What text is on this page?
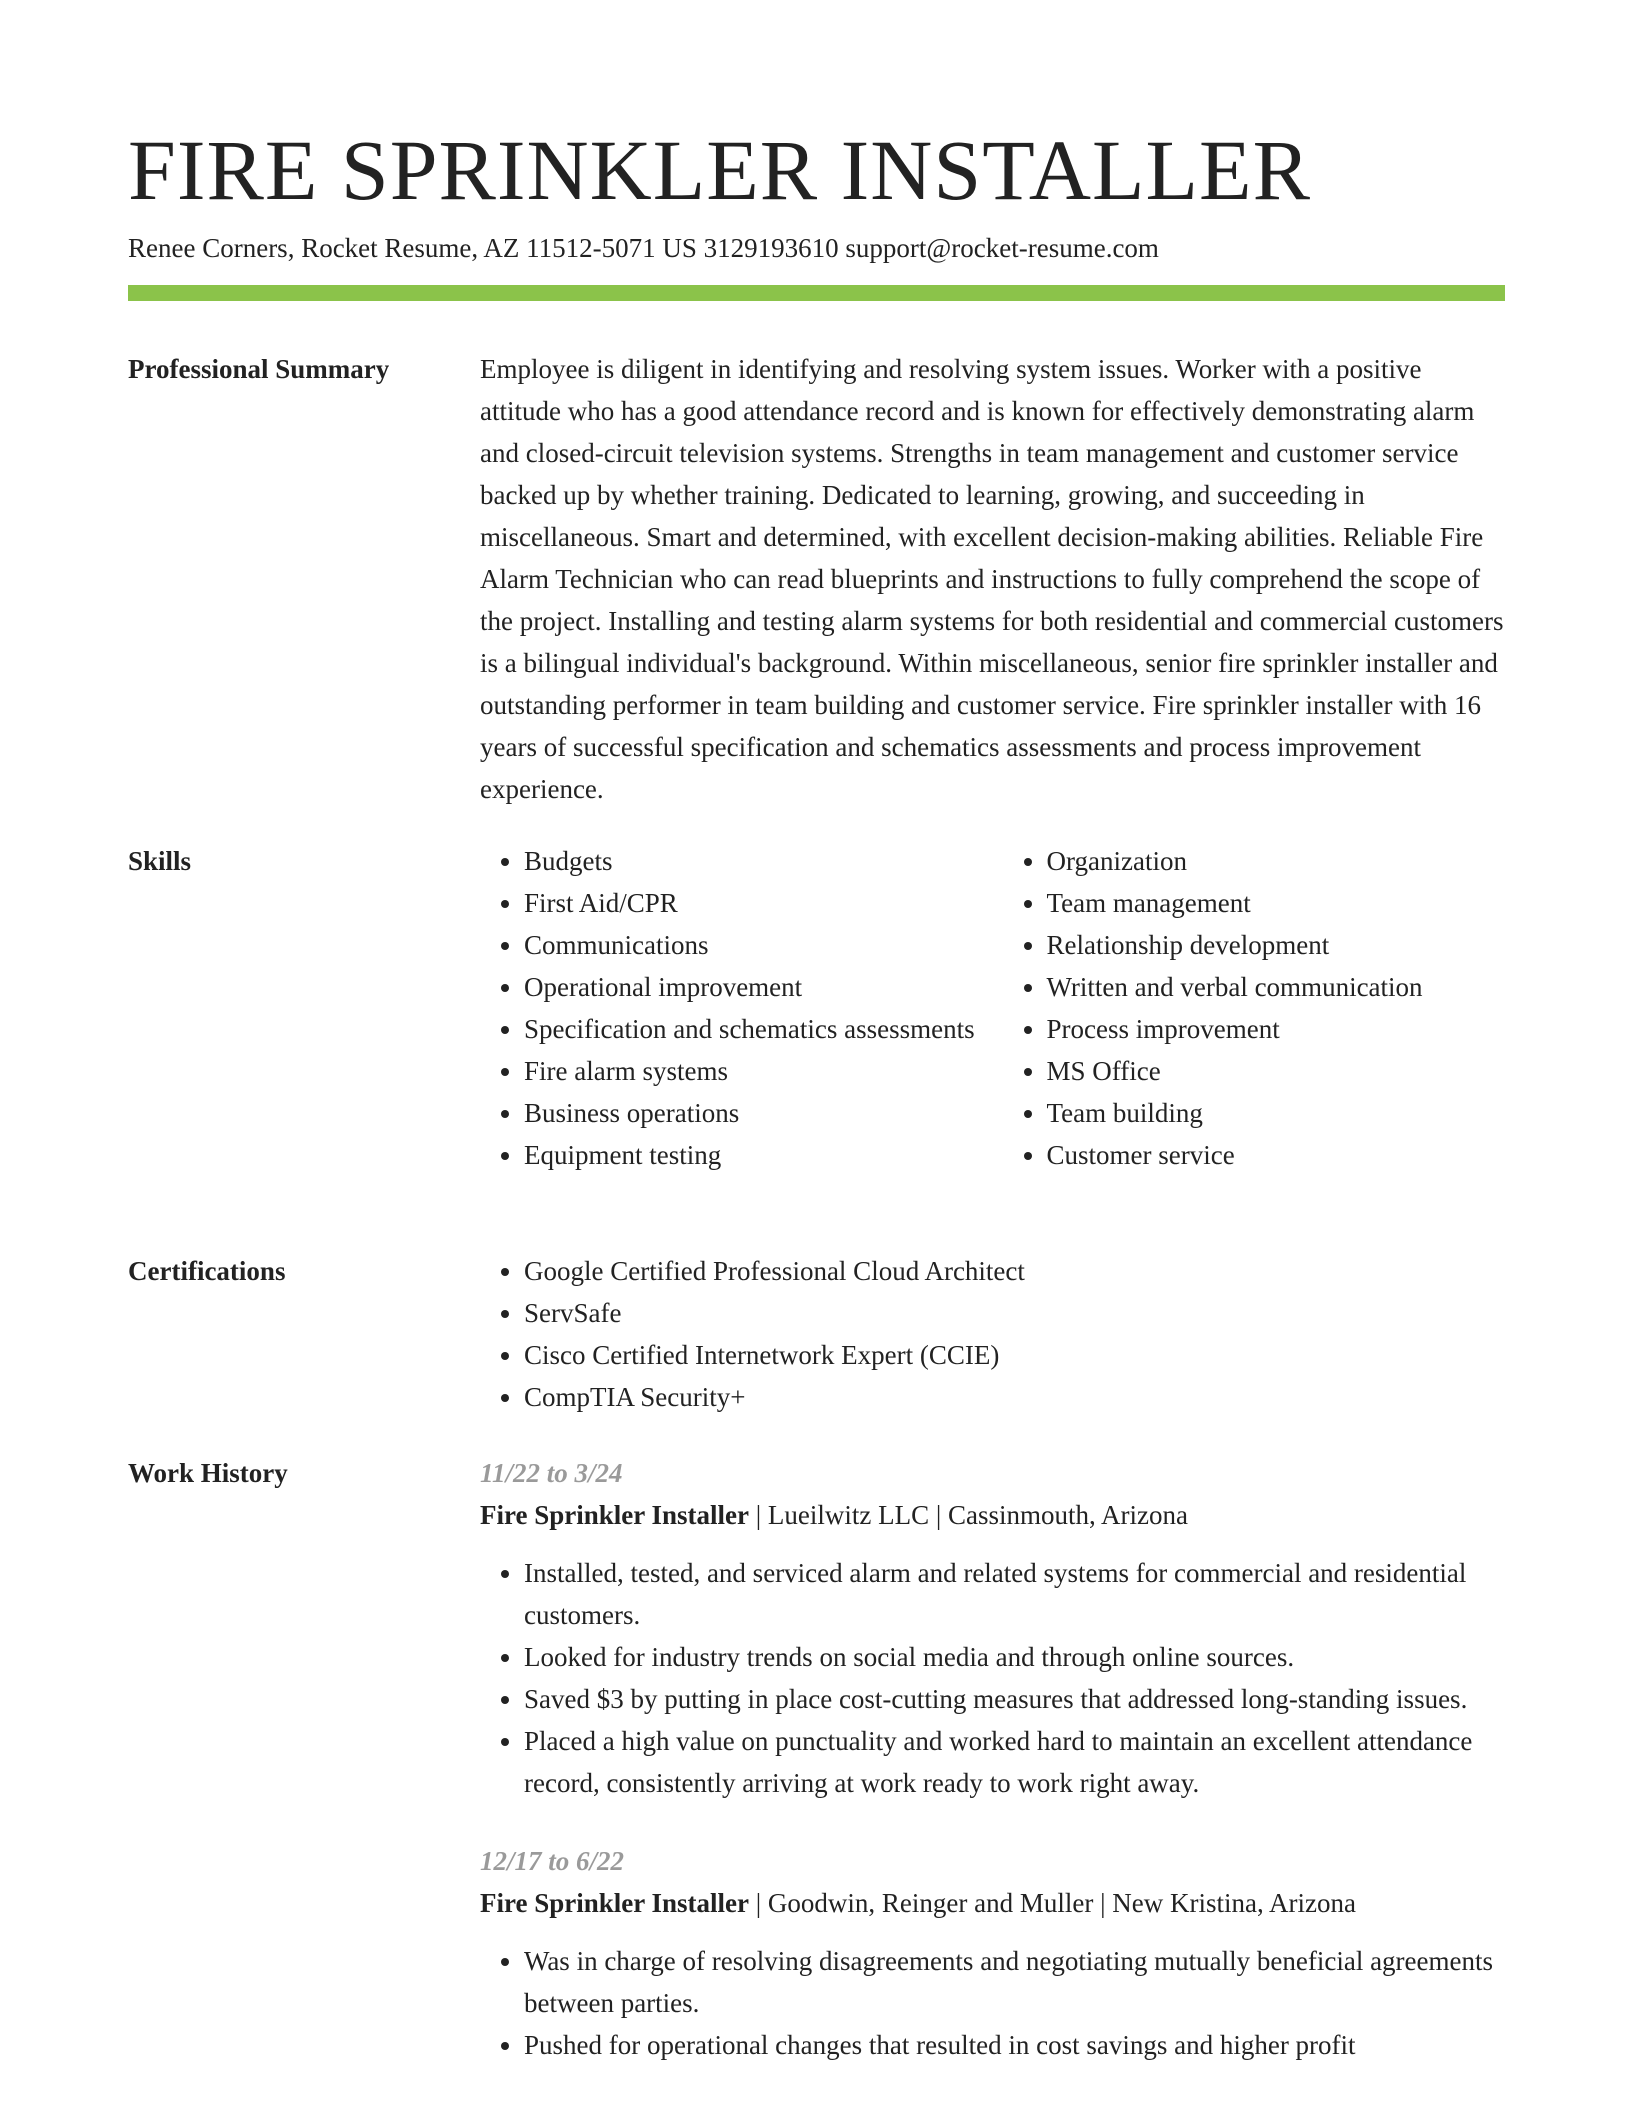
FIRE SPRINKLER INSTALLER

Renee Corners, Rocket Resume, AZ 11512-5071 US 3129193610 support@rocket-resume.com

Professional Summary	Employee is diligent in identifying and resolving system issues. Worker with a positive attitude who has a good attendance record and is known for effectively demonstrating alarm and closed-circuit television systems. Strengths in team management and customer service backed up by whether training. Dedicated to learning, growing, and succeeding in miscellaneous. Smart and determined, with excellent decision-making abilities. Reliable Fire Alarm Technician who can read blueprints and instructions to fully comprehend the scope of the project. Installing and testing alarm systems for both residential and commercial customers is a bilingual individual's background. Within miscellaneous, senior fire sprinkler installer and outstanding performer in team building and customer service. Fire sprinkler installer with 16 years of successful specification and schematics assessments and process improvement experience.

Skills	• Budgets
• First Aid/CPR
• Communications
• Operational improvement
• Specification and schematics assessments
• Fire alarm systems
• Business operations
• Equipment testing
• Organization
• Team management
• Relationship development
• Written and verbal communication
• Process improvement
• MS Office
• Team building
• Customer service
Certifications	• Google Certified Professional Cloud Architect
• ServSafe
• Cisco Certified Internetwork Expert (CCIE)
• CompTIA Security+
Work History	11/22 to 3/24
Fire Sprinkler Installer | Lueilwitz LLC | Cassinmouth, Arizona
• Installed, tested, and serviced alarm and related systems for commercial and residential customers.
• Looked for industry trends on social media and through online sources.
• Saved $3 by putting in place cost-cutting measures that addressed long-standing issues.
• Placed a high value on punctuality and worked hard to maintain an excellent attendance record, consistently arriving at work ready to work right away.
12/17 to 6/22
Fire Sprinkler Installer | Goodwin, Reinger and Muller | New Kristina, Arizona
• Was in charge of resolving disagreements and negotiating mutually beneficial agreements between parties.
• Pushed for operational changes that resulted in cost savings and higher profit
